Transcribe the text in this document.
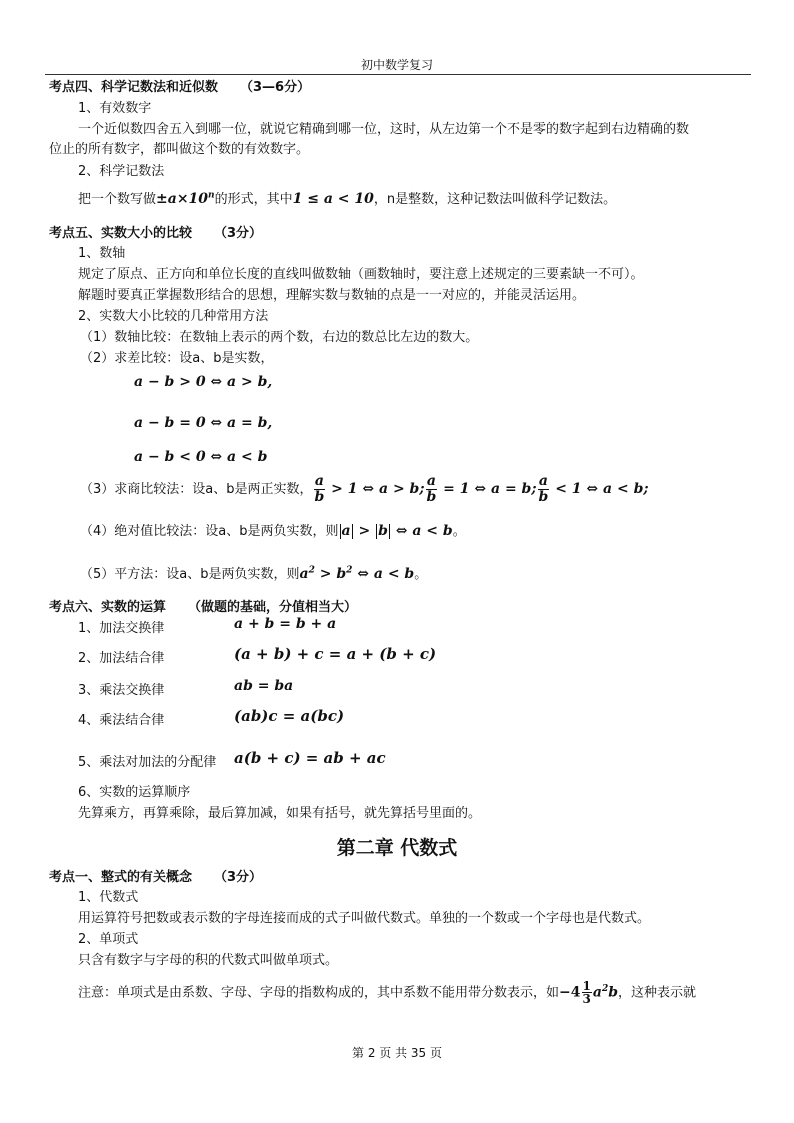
初中数学复习
考点四、科学记数法和近似数 （3—6分）
1、有效数字
一个近似数四舍五入到哪一位，就说它精确到哪一位，这时，从左边第一个不是零的数字起到右边精确的数
位止的所有数字，都叫做这个数的有效数字。
2、科学记数法
把一个数写做$\pm a\times 10^n$的形式，其中1 ≤ a < 10，n是整数，这种记数法叫做科学记数法。
考点五、实数大小的比较 （3分）
1、数轴
规定了原点、正方向和单位长度的直线叫做数轴（画数轴时，要注意上述规定的三要素缺一不可）。
解题时要真正掌握数形结合的思想，理解实数与数轴的点是一一对应的，并能灵活运用。
2、实数大小比较的几种常用方法
（1）数轴比较：在数轴上表示的两个数，右边的数总比左边的数大。
（2）求差比较：设a、b是实数，
a − b > 0 ⇔ a > b,
a − b = 0 ⇔ a = b,
a − b < 0 ⇔ a < b
（3）求商比较法：设a、b是两正实数， $\frac{a}{b} > 1$ ⇔ a > b; $\frac{a}{b} = 1$ ⇔ a = b; $\frac{a}{b} < 1$ ⇔ a < b;
（4）绝对值比较法：设a、b是两负实数，则 a > b ⇔ a < b。
（5）平方法：设a、b是两负实数，则$a^2 > b^2$ ⇔ a < b。
考点六、实数的运算 （做题的基础，分值相当大）
1、加法交换律	a + b = b + a
2、加法结合律	(a + b) + c = a + (b + c)
3、乘法交换律	ab = ba
4、乘法结合律	(ab)c = a(bc)
5、乘法对加法的分配律 a(b + c) = ab + ac
6、实数的运算顺序
先算乘方，再算乘除，最后算加减，如果有括号，就先算括号里面的。
第二章 代数式
考点一、整式的有关概念 （3分）
1、代数式
用运算符号把数或表示数的字母连接而成的式子叫做代数式。单独的一个数或一个字母也是代数式。
2、单项式
只含有数字与字母的积的代数式叫做单项式。
注意：单项式是由系数、字母、字母的指数构成的，其中系数不能用带分数表示，如$-4 \frac{1}{3} a^2b$，这种表示就
第 2 页 共 35 页
